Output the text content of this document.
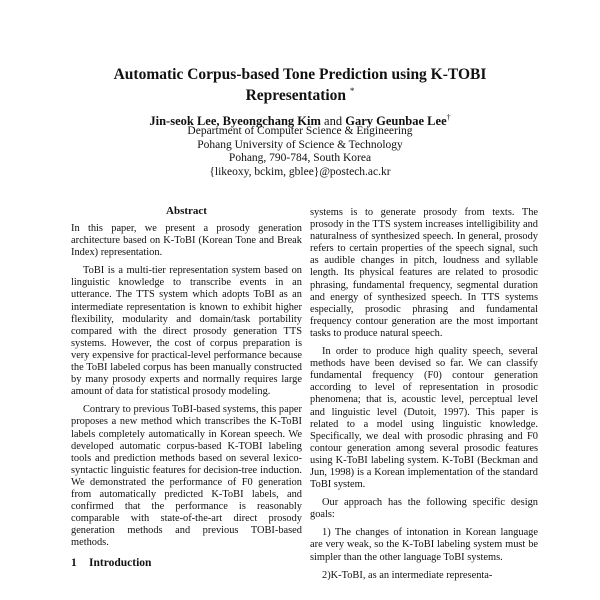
Automatic Corpus-based Tone Prediction using K-TOBI
Representation *
Jin-seok Lee, Byeongchang Kim and Gary Geunbae Lee†
Department of Computer Science & Engineering
Pohang University of Science & Technology
Pohang, 790-784, South Korea
{likeoxy, bckim, gblee}@postech.ac.kr
Abstract

In this paper, we present a prosody generation architecture based on K-ToBI (Korean Tone and Break Index) representation.

ToBI is a multi-tier representation system based on linguistic knowledge to transcribe events in an utterance. The TTS system which adopts ToBI as an intermediate representation is known to exhibit higher flexibility, modularity and domain/task portability compared with the direct prosody generation TTS systems. However, the cost of corpus preparation is very expensive for practical-level performance because the ToBI labeled corpus has been manually constructed by many prosody experts and normally requires large amount of data for statistical prosody modeling.

Contrary to previous ToBI-based systems, this paper proposes a new method which transcribes the K-ToBI labels completely automatically in Korean speech. We developed automatic corpus-based K-TOBI labeling tools and prediction methods based on several lexico-syntactic linguistic features for decision-tree induction. We demonstrated the performance of F0 generation from automatically predicted K-ToBI labels, and confirmed that the performance is reasonably comparable with state-of-the-art direct prosody generation methods and previous TOBI-based methods.

1 Introduction

systems is to generate prosody from texts. The prosody in the TTS system increases intelligibility and naturalness of synthesized speech. In general, prosody refers to certain properties of the speech signal, such as audible changes in pitch, loudness and syllable length. Its physical features are related to prosodic phrasing, fundamental frequency, segmental duration and energy of synthesized speech. In TTS systems especially, prosodic phrasing and fundamental frequency contour generation are the most important tasks to produce natural speech.

In order to produce high quality speech, several methods have been devised so far. We can classify fundamental frequency (F0) contour generation according to level of representation in prosodic phenomena; that is, acoustic level, perceptual level and linguistic level (Dutoit, 1997). This paper is related to a model using linguistic knowledge. Specifically, we deal with prosodic phrasing and F0 contour generation among several prosodic features using K-ToBI labeling system. K-ToBI (Beckman and Jun, 1998) is a Korean implementation of the standard ToBI system.

Our approach has the following specific design goals:

1) The changes of intonation in Korean language are very weak, so the K-ToBI labeling system must be simpler than the other language ToBI systems.

2)K-ToBI, as an intermediate representa-
